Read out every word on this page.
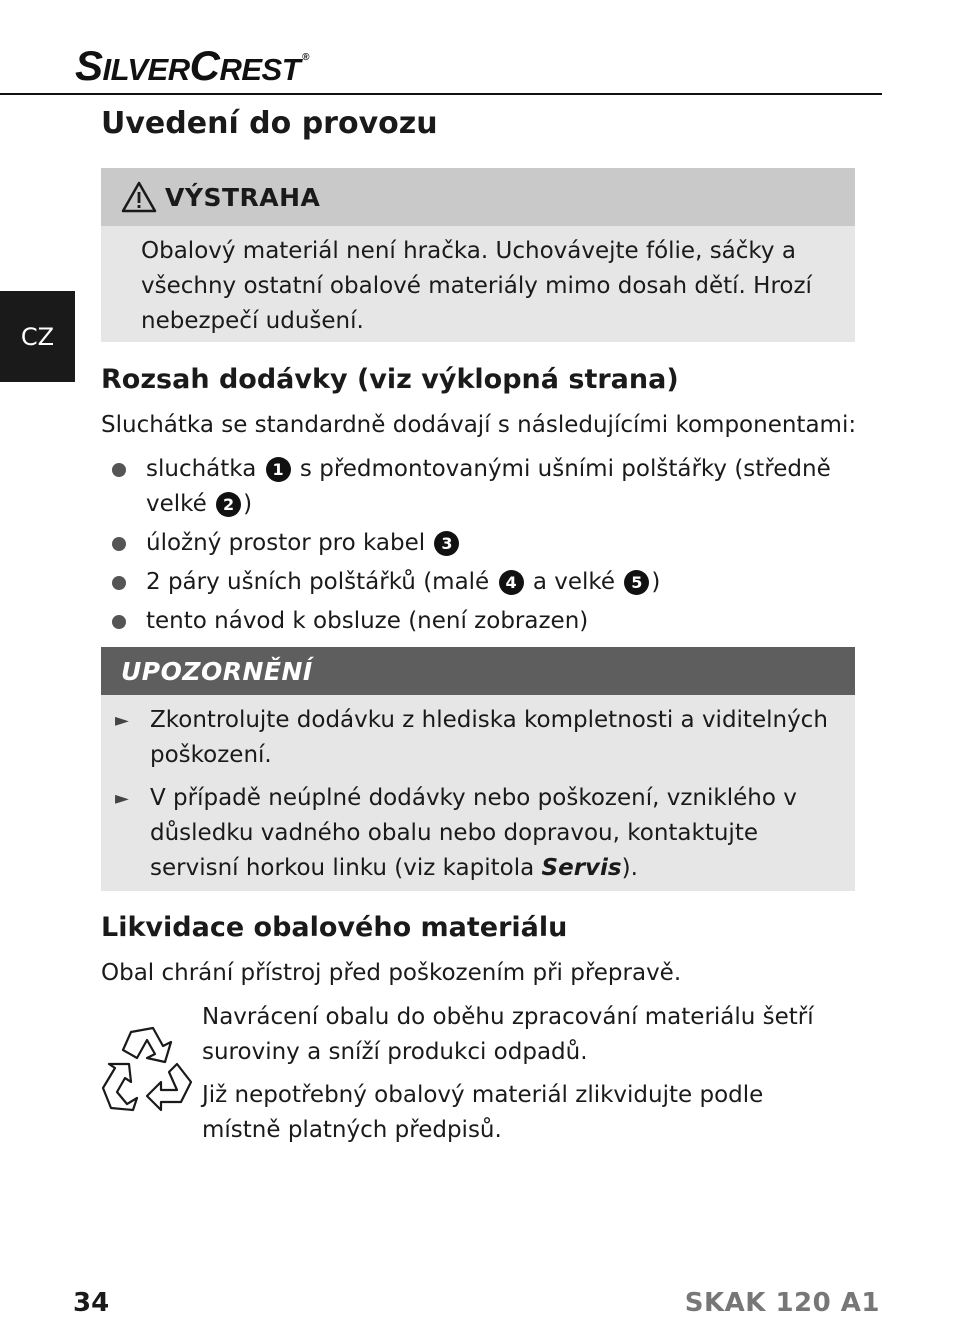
SILVERCREST ®
CZ
Uvedení do provozu
VÝSTRAHA
Obalový materiál není hračka. Uchovávejte fólie, sáčky a všechny ostatní obalové materiály mimo dosah dětí. Hrozí nebezpečí udušení.
Rozsah dodávky (viz výklopná strana)
Sluchátka se standardně dodávají s následujícími komponentami:
sluchátka 1 s předmontovanými ušními polštářky (středně velké 2 )
úložný prostor pro kabel 3
2 páry ušních polštářků (malé 4 a velké 5 )
tento návod k obsluze (není zobrazen)
UPOZORNĚNÍ
► Zkontrolujte dodávku z hlediska kompletnosti a viditelných poškození.
► V případě neúplné dodávky nebo poškození, vzniklého v důsledku vadného obalu nebo dopravou, kontaktujte servisní horkou linku (viz kapitola Servis).
Likvidace obalového materiálu
Obal chrání přístroj před poškozením při přepravě.
Navrácení obalu do oběhu zpracování materiálu šetří suroviny a sníží produkci odpadů.
Již nepotřebný obalový materiál zlikvidujte podle místně platných předpisů.
34	SKAK 120 A1
